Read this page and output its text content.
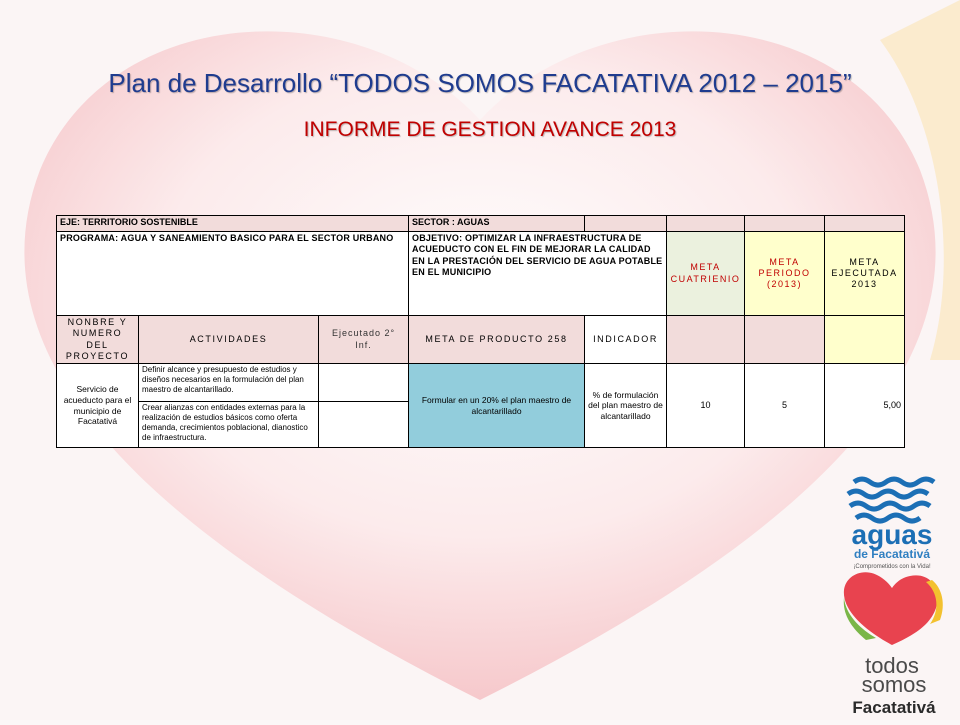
Plan de Desarrollo “TODOS SOMOS FACATATIVA 2012 – 2015”
INFORME DE GESTION AVANCE 2013
EJE: TERRITORIO SOSTENIBLE			SECTOR : AGUAS				
PROGRAMA: AGUA Y SANEAMIENTO BASICO PARA EL SECTOR URBANO			OBJETIVO: OPTIMIZAR LA INFRAESTRUCTURA DE ACUEDUCTO CON EL FIN DE MEJORAR LA CALIDAD EN LA PRESTACIÓN DEL SERVICIO DE AGUA POTABLE EN EL MUNICIPIO		META CUATRIENIO	META PERIODO (2013)	META EJECUTADA 2013
NONBRE Y NUMERO DEL PROYECTO	ACTIVIDADES	Ejecutado 2° Inf.	META DE PRODUCTO 258	INDICADOR			
Servicio de acueducto para el municipio de Facatativá	Definir alcance y presupuesto de estudios y diseños necesarios en la formulación del plan maestro de alcantarillado.		Formular en un 20% el plan maestro de alcantarillado	% de formulación del plan maestro de alcantarillado	10	5	5,00
	Crear alianzas con entidades externas para la realización de estudios básicos como oferta demanda, crecimientos poblacional, dianostico de infraestructura.						
aguas
de Facatativá
¡Comprometidos con la Vida!
todos
somos
Facatativá
